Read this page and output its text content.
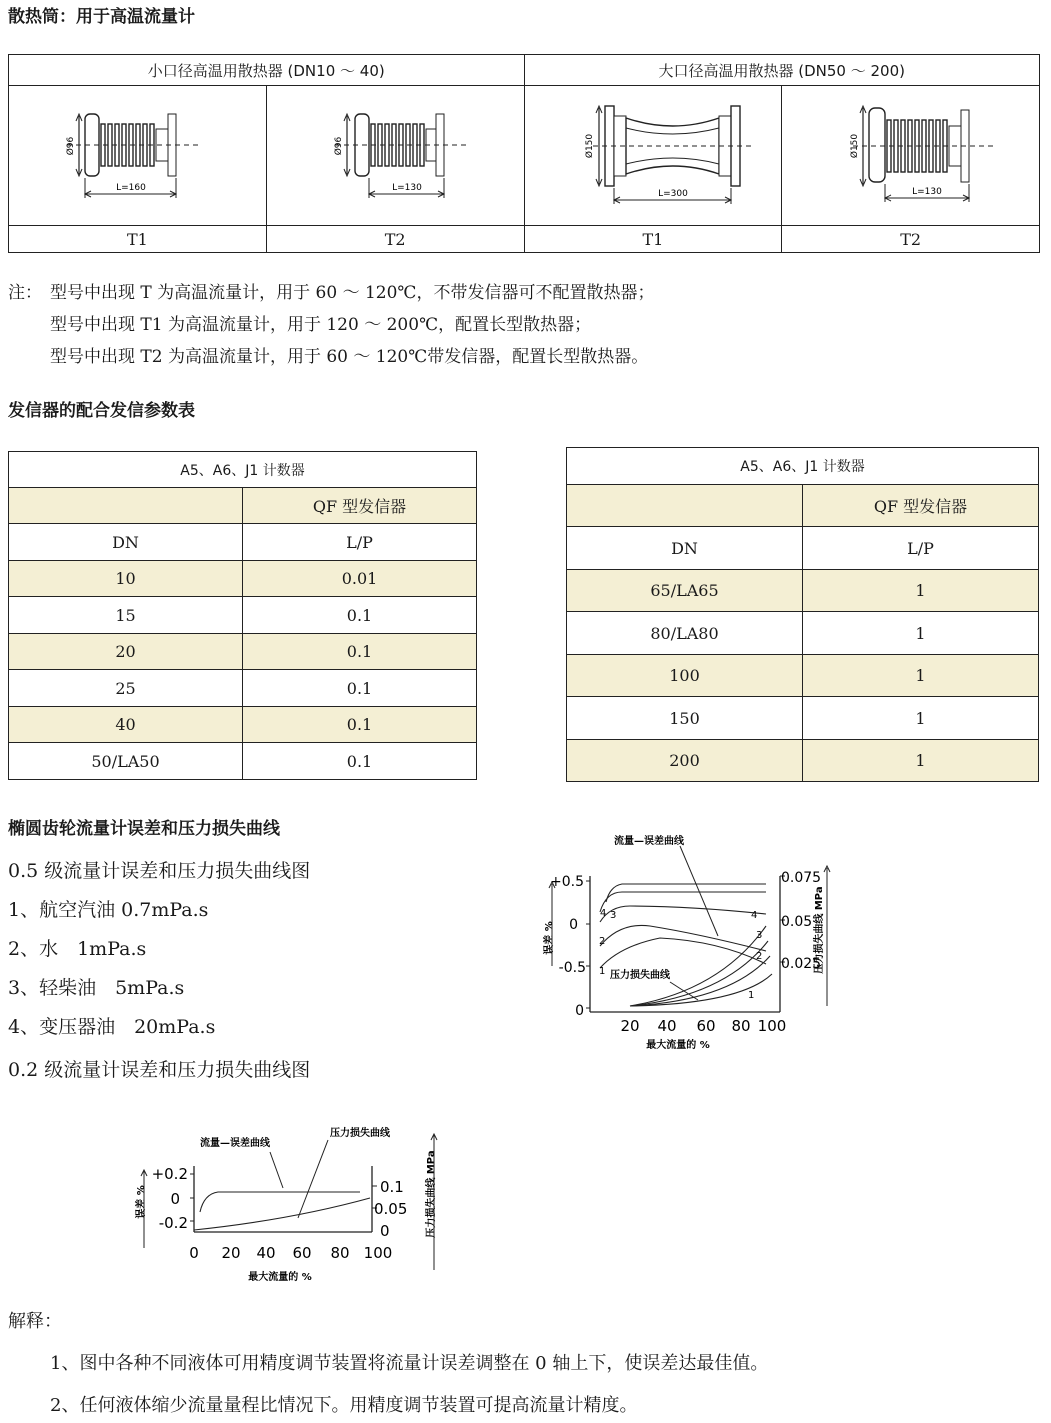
散热筒：用于高温流量计
小口径高温用散热器 (DN10 ～ 40)		大口径高温用散热器 (DN50 ～ 200)	

Ø96
L=160	Ø96
L=130	Ø150
L=300	Ø150
L=130

T1	T2	T1	T2
注： 型号中出现 T 为高温流量计，用于 60 ～ 120℃，不带发信器可不配置散热器；
型号中出现 T1 为高温流量计，用于 120 ～ 200℃，配置长型散热器；
型号中出现 T2 为高温流量计，用于 60 ～ 120℃带发信器，配置长型散热器。
发信器的配合发信参数表
A5、A6、J1 计数器	
	QF 型发信器
DN	L/P
10	0.01
15	0.1
20	0.1
25	0.1
40	0.1
50/LA50	0.1
A5、A6、J1 计数器	
	QF 型发信器
DN	L/P
65/LA65	1
80/LA80	1
100	1
150	1
200	1
椭圆齿轮流量计误差和压力损失曲线
0.5 级流量计误差和压力损失曲线图
1、航空汽油 0.7mPa.s
2、水　1mPa.s
3、轻柴油　5mPa.s
4、变压器油　20mPa.s
0.2 级流量计误差和压力损失曲线图
流量—误差曲线
+0.5
0
-0.5
0
0.075
0.05
0.025
20 40 60 80 100
最大流量的 %
误差 %	压力损失曲线 MPa
4 3
2
1
4
3
2
1
压力损失曲线
流量—误差曲线
压力损失曲线
+0.2
0
-0.2
0.1
0.05
0
0 20 40 60 80 100
最大流量的 %
误差 %	压力损失曲线 MPa
解释：
1、图中各种不同液体可用精度调节装置将流量计误差调整在 0 轴上下，使误差达最佳值。
2、任何液体缩少流量量程比情况下。用精度调节装置可提高流量计精度。
